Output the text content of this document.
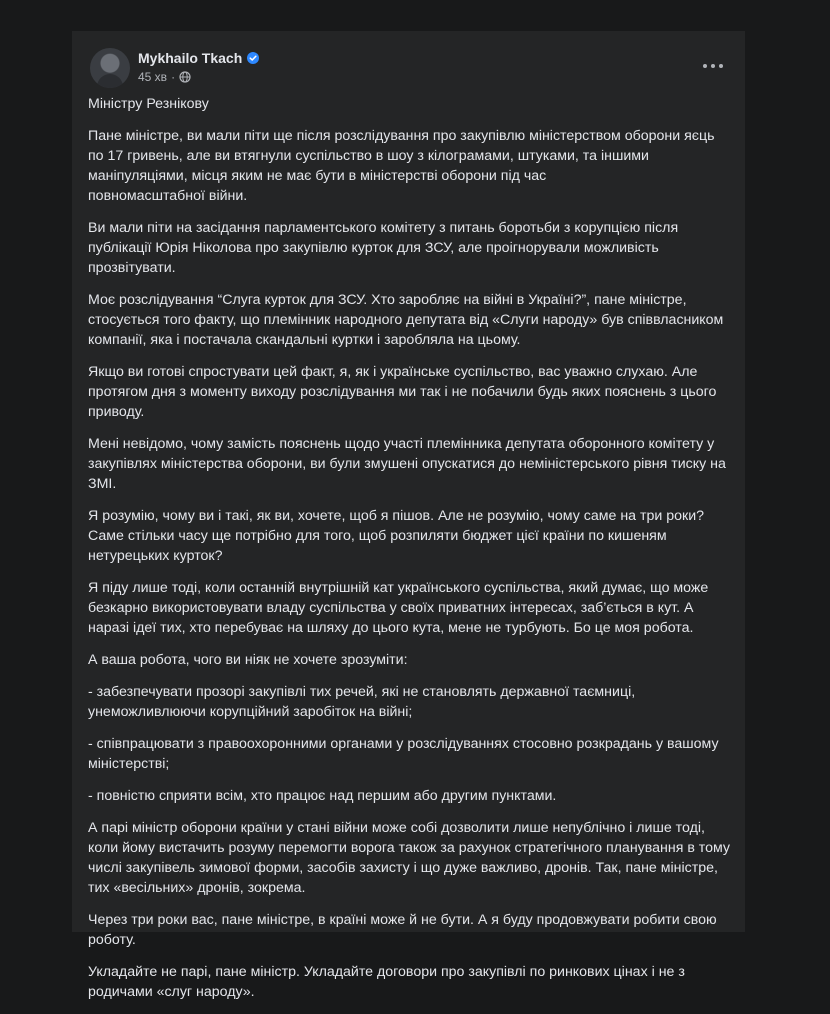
Mykhailo Tkach
45 хв ·

Міністру Резнікову

Пане міністре, ви мали піти ще після розслідування про закупівлю міністерством оборони яєць по 17 гривень, але ви втягнули суспільство в шоу з кілограмами, штуками, та іншими маніпуляціями, місця яким не має бути в міністерстві оборони під час
повномасштабної війни.

Ви мали піти на засідання парламентського комітету з питань боротьби з корупцією після публікації Юрія Ніколова про закупівлю курток для ЗСУ, але проігнорували можливість прозвітувати.

Моє розслідування “Слуга курток для ЗСУ. Хто заробляє на війні в Україні?”, пане міністре, стосується того факту, що племінник народного депутата від «Слуги народу» був співвласником компанії, яка і постачала скандальні куртки і заробляла на цьому.

Якщо ви готові спростувати цей факт, я, як і українське суспільство, вас уважно слухаю. Але протягом дня з моменту виходу розслідування ми так і не побачили будь яких пояснень з цього приводу.

Мені невідомо, чому замість пояснень щодо участі племінника депутата оборонного комітету у закупівлях міністерства оборони, ви були змушені опускатися до неміністерського рівня тиску на ЗМІ.

Я розумію, чому ви і такі, як ви, хочете, щоб я пішов. Але не розумію, чому саме на три роки? Саме стільки часу ще потрібно для того, щоб розпиляти бюджет цієї країни по кишеням нетурецьких курток?

Я піду лише тоді, коли останній внутрішній кат українського суспільства, який думає, що може безкарно використовувати владу суспільства у своїх приватних інтересах, заб’ється в кут. А наразі ідеї тих, хто перебуває на шляху до цього кута, мене не турбують. Бо це моя робота.

А ваша робота, чого ви ніяк не хочете зрозуміти:

- забезпечувати прозорі закупівлі тих речей, які не становлять державної таємниці, унеможливлюючи корупційний заробіток на війні;

- співпрацювати з правоохоронними органами у розслідуваннях стосовно розкрадань у вашому міністерстві;

- повністю сприяти всім, хто працює над першим або другим пунктами.

А парі міністр оборони країни у стані війни може собі дозволити лише непублічно і лише тоді, коли йому вистачить розуму перемогти ворога також за рахунок стратегічного планування в тому числі закупівель зимової форми, засобів захисту і що дуже важливо, дронів. Так, пане міністре, тих «весільних» дронів, зокрема.

Через три роки вас, пане міністре, в країні може й не бути. А я буду продовжувати робити свою роботу.

Укладайте не парі, пане міністр. Укладайте договори про закупівлі по ринкових цінах і не з родичами «слуг народу».
